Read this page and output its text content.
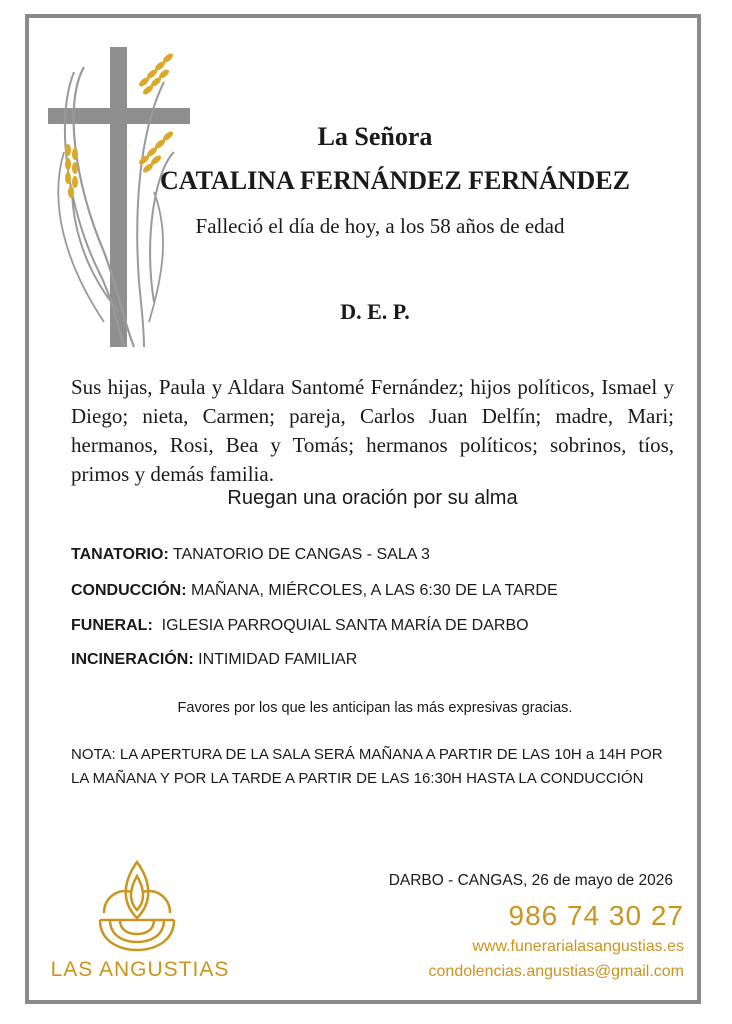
La Señora
CATALINA FERNÁNDEZ FERNÁNDEZ
Falleció el día de hoy, a los 58 años de edad
D. E. P.
Sus hijas, Paula y Aldara Santomé Fernández; hijos políticos, Ismael y Diego; nieta, Carmen; pareja, Carlos Juan Delfín; madre, Mari; hermanos, Rosi, Bea y Tomás; hermanos políticos; sobrinos, tíos, primos y demás familia.
Ruegan una oración por su alma
TANATORIO: TANATORIO DE CANGAS - SALA 3
CONDUCCIÓN: MAÑANA, MIÉRCOLES, A LAS 6:30 DE LA TARDE
FUNERAL:  IGLESIA PARROQUIAL SANTA MARÍA DE DARBO
INCINERACIÓN: INTIMIDAD FAMILIAR
Favores por los que les anticipan las más expresivas gracias.
NOTA: LA APERTURA DE LA SALA SERÁ MAÑANA A PARTIR DE LAS 10H a 14H POR LA MAÑANA Y POR LA TARDE A PARTIR DE LAS 16:30H HASTA LA CONDUCCIÓN
LAS ANGUSTIAS
DARBO - CANGAS, 26 de mayo de 2026
986 74 30 27
www.funerarialasangustias.es
condolencias.angustias@gmail.com
